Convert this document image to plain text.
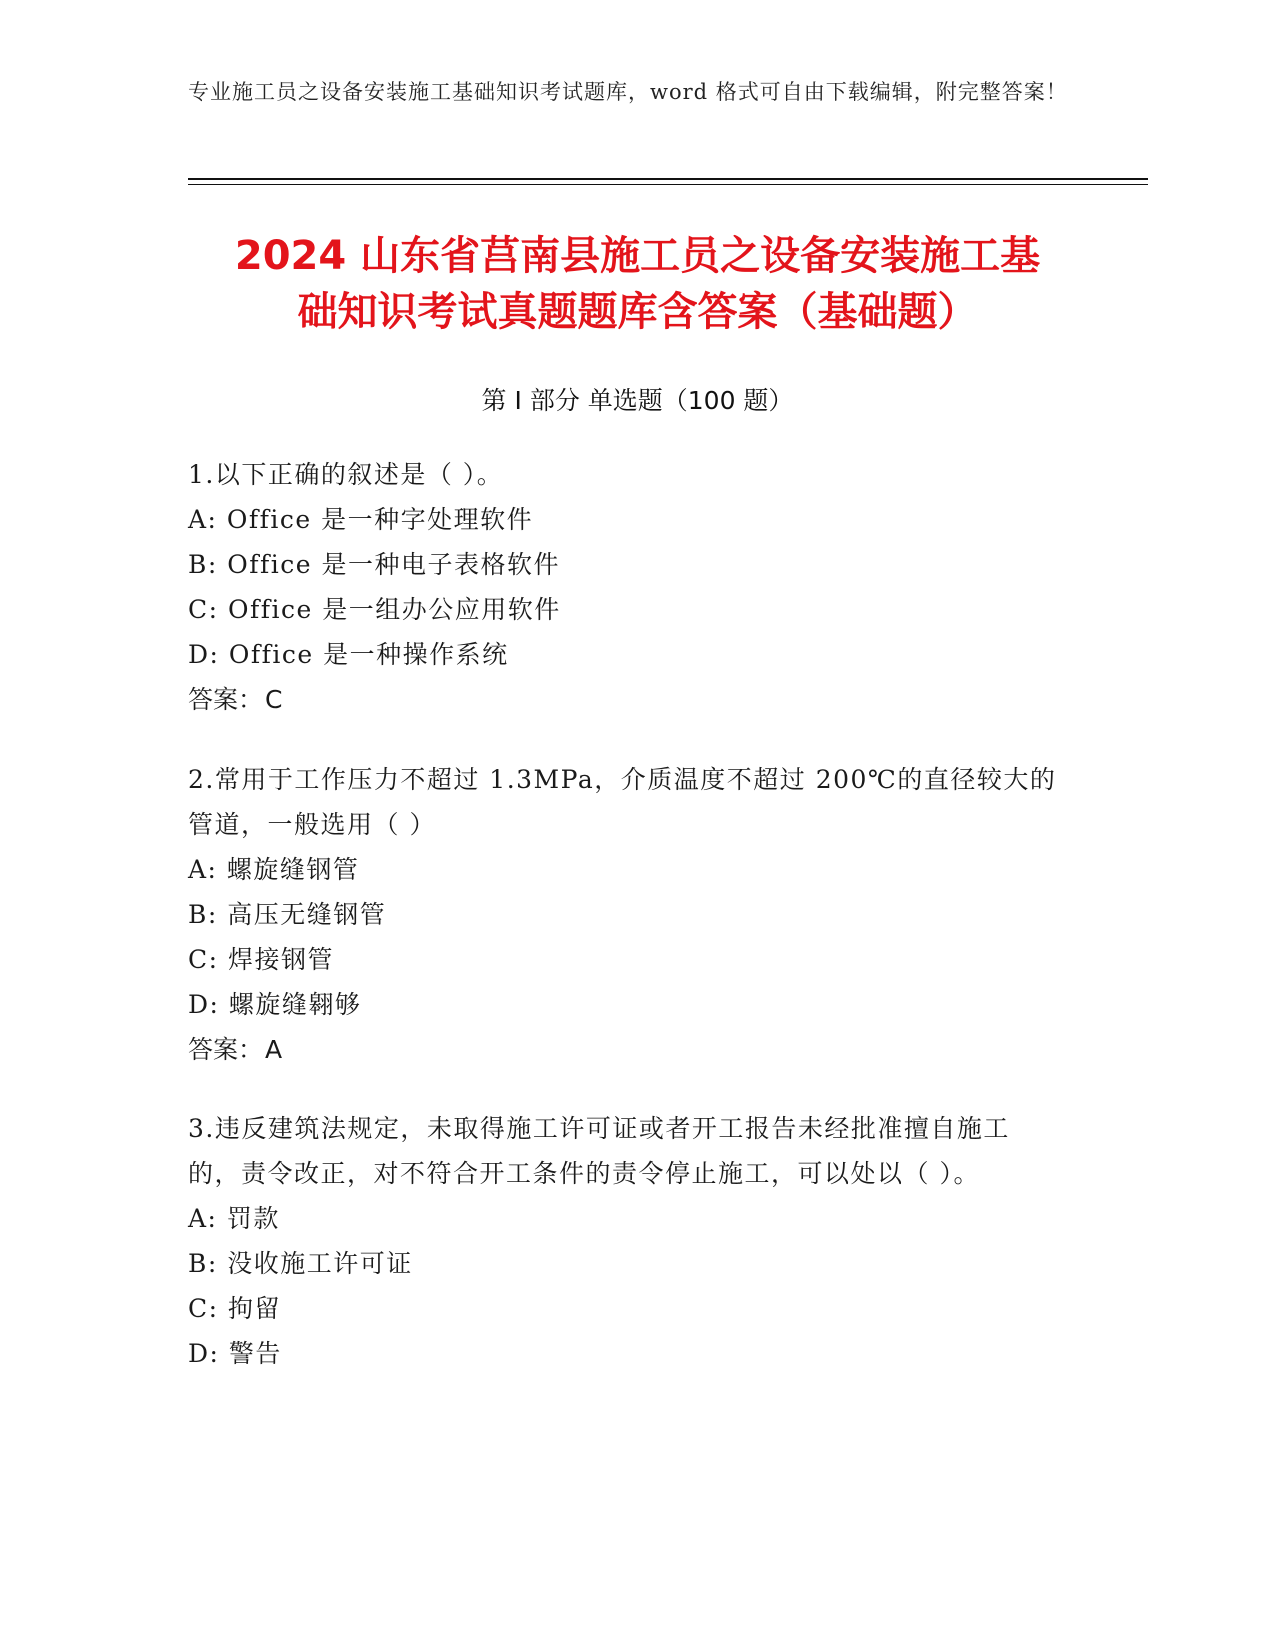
专业施工员之设备安装施工基础知识考试题库，word 格式可自由下载编辑，附完整答案！
2024 山东省莒南县施工员之设备安装施工基
础知识考试真题题库含答案（基础题）
第 I 部分 单选题（100 题）

1.以下正确的叙述是（ ）。

A: Office 是一种字处理软件

B: Office 是一种电子表格软件

C: Office 是一组办公应用软件

D: Office 是一种操作系统

答案：C

2.常用于工作压力不超过 1.3MPa，介质温度不超过 200℃的直径较大的管道，一般选用（ ）

A: 螺旋缝钢管

B: 高压无缝钢管

C: 焊接钢管

D: 螺旋缝翱够

答案：A

3.违反建筑法规定，未取得施工许可证或者开工报告未经批准擅自施工的，责令改正，对不符合开工条件的责令停止施工，可以处以（ ）。

A: 罚款

B: 没收施工许可证

C: 拘留

D: 警告
